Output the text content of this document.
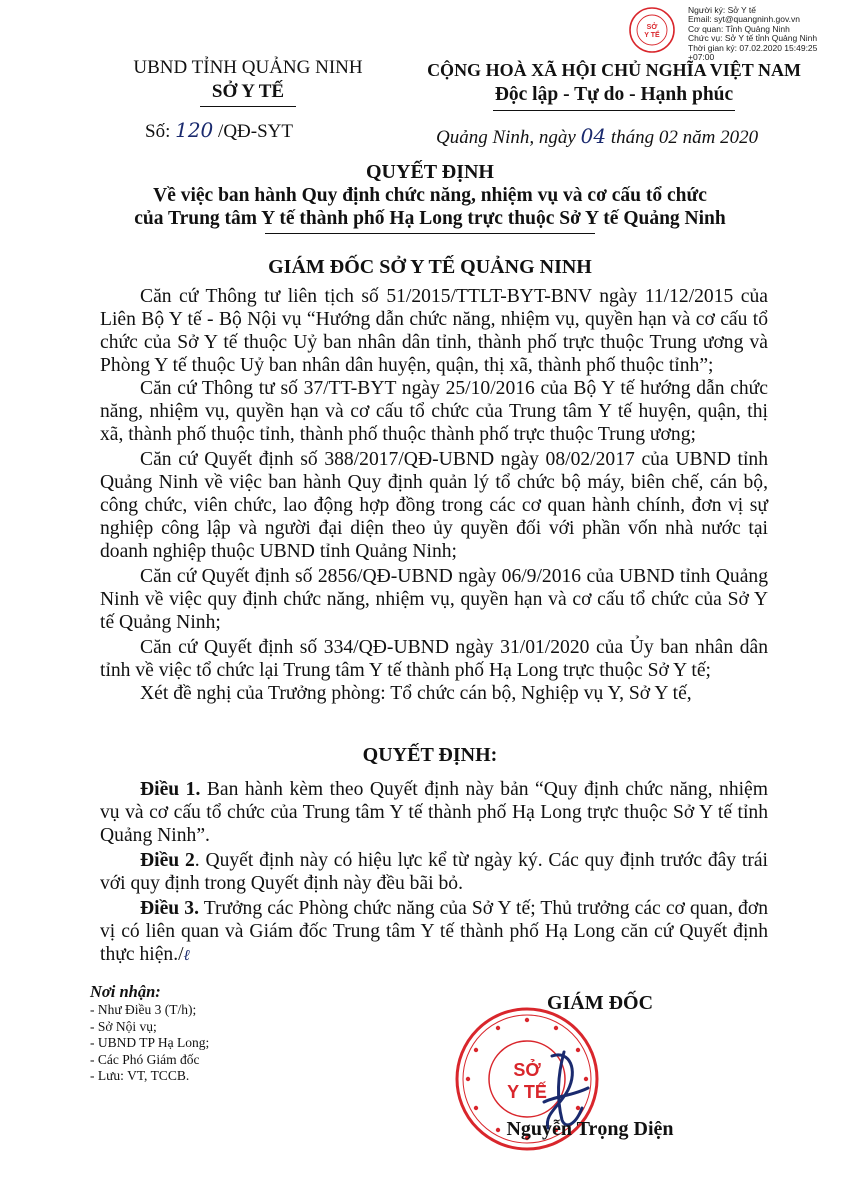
SỞ
Y TẾ
Người ký: Sở Y tế
Email: syt@quangninh.gov.vn
Cơ quan: Tỉnh Quảng Ninh
Chức vụ: Sở Y tế tỉnh Quảng Ninh
Thời gian ký: 07.02.2020 15:49:25
+07:00
UBND TỈNH QUẢNG NINH
SỞ Y TẾ
Số: 120 /QĐ-SYT
CỘNG HOÀ XÃ HỘI CHỦ NGHĨA VIỆT NAM
Độc lập - Tự do - Hạnh phúc
Quảng Ninh, ngày 04 tháng 02 năm 2020
QUYẾT ĐỊNH
Về việc ban hành Quy định chức năng, nhiệm vụ và cơ cấu tổ chức
của Trung tâm Y tế thành phố Hạ Long trực thuộc Sở Y tế Quảng Ninh
GIÁM ĐỐC SỞ Y TẾ QUẢNG NINH

Căn cứ Thông tư liên tịch số 51/2015/TTLT-BYT-BNV ngày 11/12/2015 của Liên Bộ Y tế - Bộ Nội vụ “Hướng dẫn chức năng, nhiệm vụ, quyền hạn và cơ cấu tổ chức của Sở Y tế thuộc Uỷ ban nhân dân tỉnh, thành phố trực thuộc Trung ương và Phòng Y tế thuộc Uỷ ban nhân dân huyện, quận, thị xã, thành phố thuộc tỉnh”;

Căn cứ Thông tư số 37/TT-BYT ngày 25/10/2016 của Bộ Y tế hướng dẫn chức năng, nhiệm vụ, quyền hạn và cơ cấu tổ chức của Trung tâm Y tế huyện, quận, thị xã, thành phố thuộc tỉnh, thành phố thuộc thành phố trực thuộc Trung ương;

Căn cứ Quyết định số 388/2017/QĐ-UBND ngày 08/02/2017 của UBND tỉnh Quảng Ninh về việc ban hành Quy định quản lý tổ chức bộ máy, biên chế, cán bộ, công chức, viên chức, lao động hợp đồng trong các cơ quan hành chính, đơn vị sự nghiệp công lập và người đại diện theo ủy quyền đối với phần vốn nhà nước tại doanh nghiệp thuộc UBND tỉnh Quảng Ninh;

Căn cứ Quyết định số 2856/QĐ-UBND ngày 06/9/2016 của UBND tỉnh Quảng Ninh về việc quy định chức năng, nhiệm vụ, quyền hạn và cơ cấu tổ chức của Sở Y tế Quảng Ninh;

Căn cứ Quyết định số 334/QĐ-UBND ngày 31/01/2020 của Ủy ban nhân dân tỉnh về việc tổ chức lại Trung tâm Y tế thành phố Hạ Long trực thuộc Sở Y tế;

Xét đề nghị của Trưởng phòng: Tổ chức cán bộ, Nghiệp vụ Y, Sở Y tế,

QUYẾT ĐỊNH:

Điều 1. Ban hành kèm theo Quyết định này bản “Quy định chức năng, nhiệm vụ và cơ cấu tổ chức của Trung tâm Y tế thành phố Hạ Long trực thuộc Sở Y tế tỉnh Quảng Ninh”.

Điều 2. Quyết định này có hiệu lực kể từ ngày ký. Các quy định trước đây trái với quy định trong Quyết định này đều bãi bỏ.

Điều 3. Trưởng các Phòng chức năng của Sở Y tế; Thủ trưởng các cơ quan, đơn vị có liên quan và Giám đốc Trung tâm Y tế thành phố Hạ Long căn cứ Quyết định thực hiện./ℓ

Nơi nhận:
- Như Điều 3 (T/h);
- Sở Nội vụ;
- UBND TP Hạ Long;
- Các Phó Giám đốc
- Lưu: VT, TCCB.
GIÁM ĐỐC
SỞ
Y TẾ
Nguyễn Trọng Diện
